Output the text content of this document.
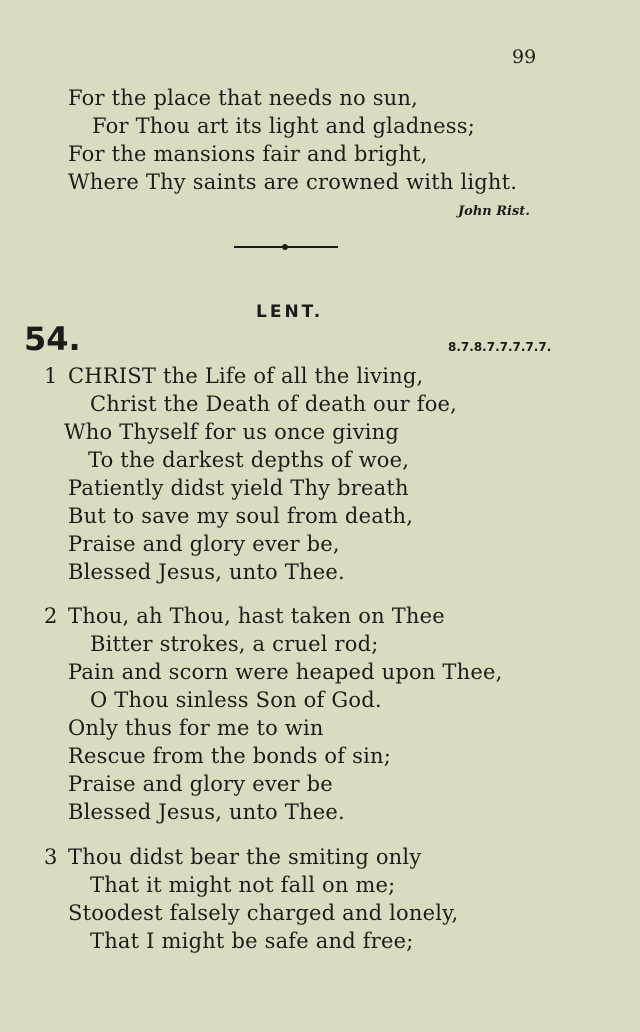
99
For the place that needs no sun,
For Thou art its light and gladness;
For the mansions fair and bright,
Where Thy saints are crowned with light.
John Rist.
LENT.
54.	8.7.8.7.7.7.7.7.
1 CHRIST the Life of all the living,
Christ the Death of death our foe,
Who Thyself for us once giving
To the darkest depths of woe,
Patiently didst yield Thy breath
But to save my soul from death,
Praise and glory ever be,
Blessed Jesus, unto Thee.
2 Thou, ah Thou, hast taken on Thee
Bitter strokes, a cruel rod;
Pain and scorn were heaped upon Thee,
O Thou sinless Son of God.
Only thus for me to win
Rescue from the bonds of sin;
Praise and glory ever be
Blessed Jesus, unto Thee.
3 Thou didst bear the smiting only
That it might not fall on me;
Stoodest falsely charged and lonely,
That I might be safe and free;
